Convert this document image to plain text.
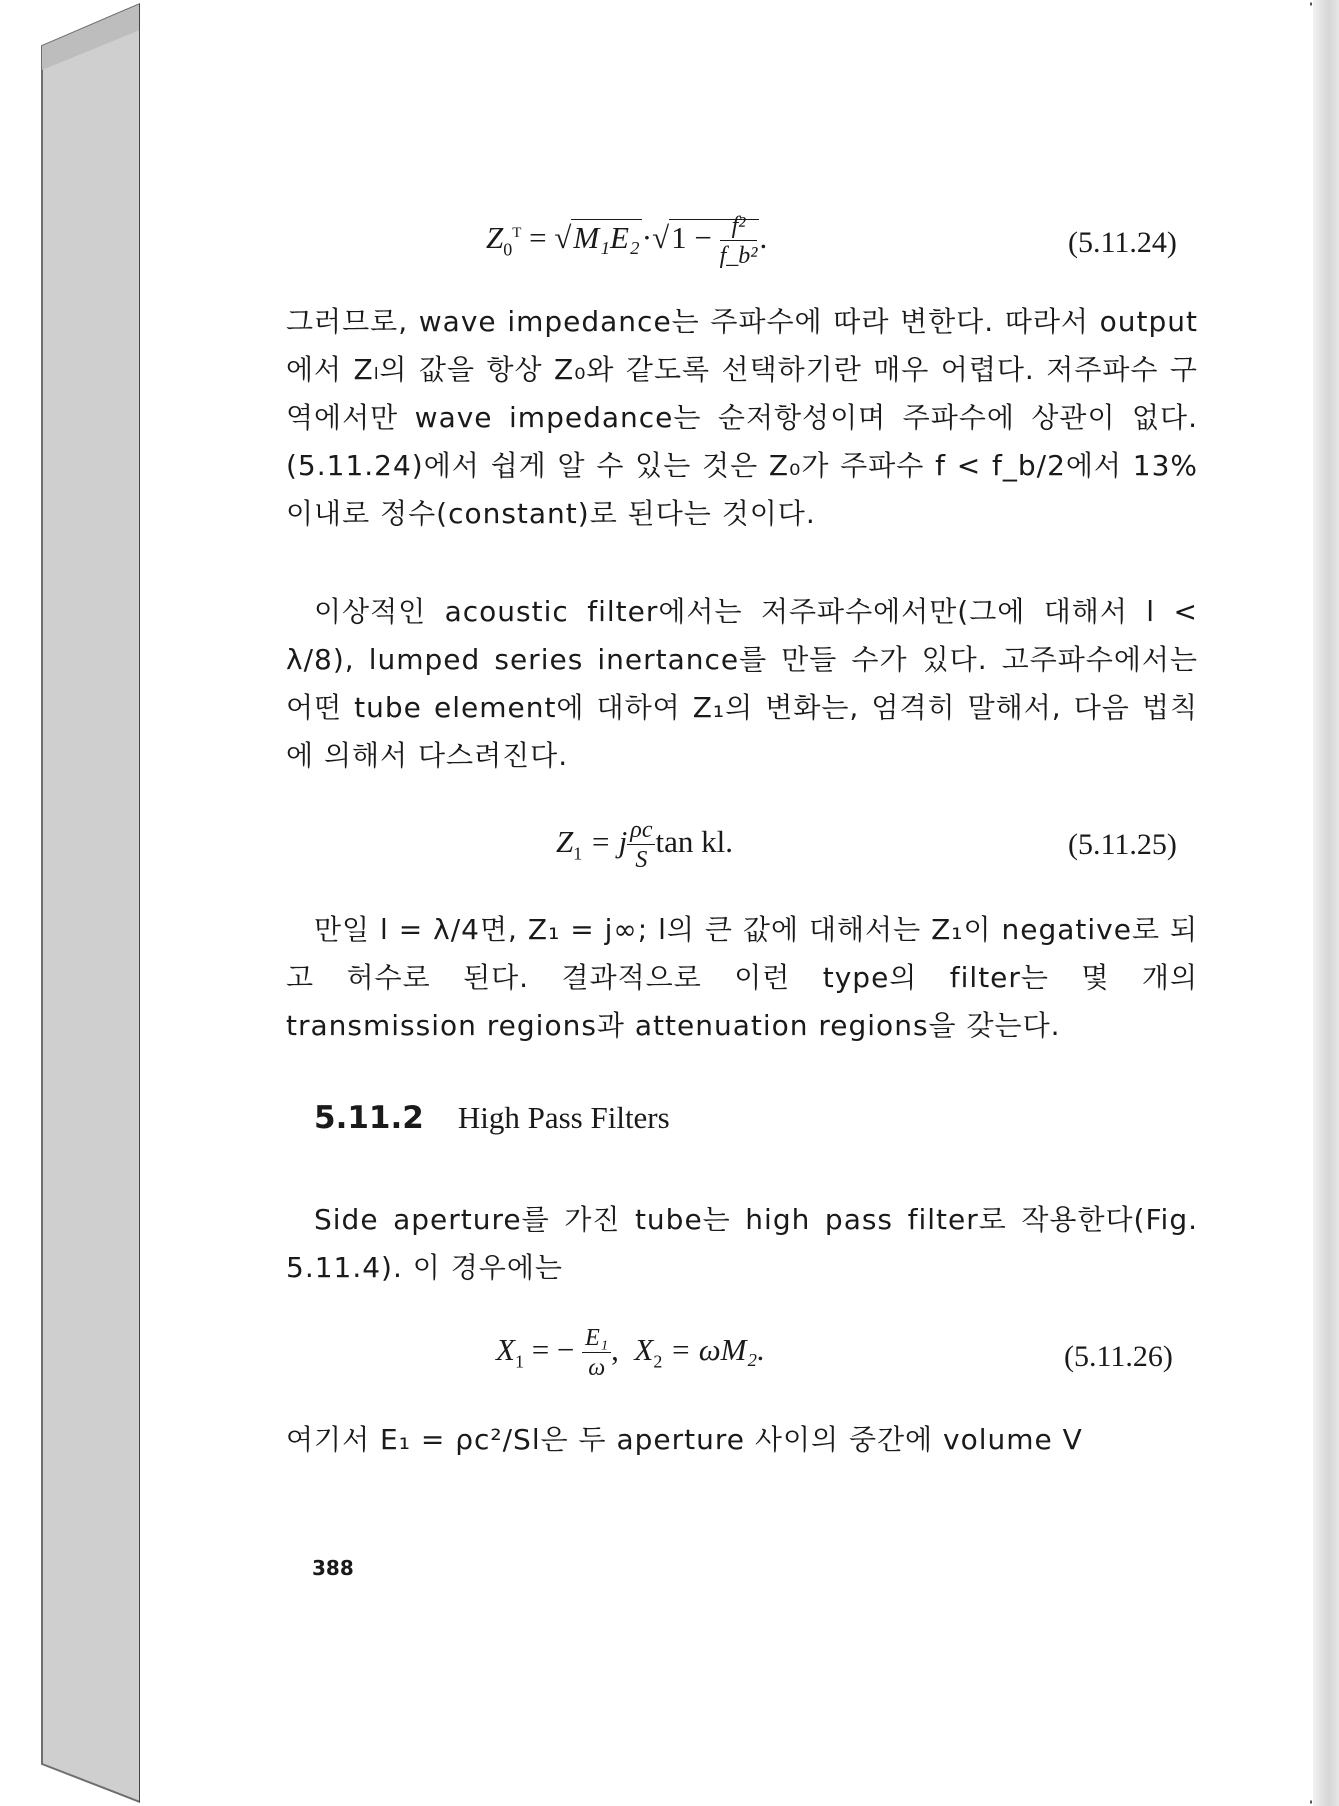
$Z_0^T = √M_1E_2\cdot√1 - \frac{\text{f²}}{\text{f\_b²}}$ .	(5.11.24)
그러므로, wave impedance는 주파수에 따라 변한다. 따라서 output에서 Zₗ의 값을 항상 Z₀와 같도록 선택하기란 매우 어렵다. 저주파수 구역에서만 wave impedance는 순저항성이며 주파수에 상관이 없다. (5.11.24)에서 쉽게 알 수 있는 것은 Z₀가 주파수 f < f_b/2에서 13% 이내로 정수(constant)로 된다는 것이다.
이상적인 acoustic filter에서는 저주파수에서만(그에 대해서 l < λ/8), lumped series inertance를 만들 수가 있다. 고주파수에서는 어떤 tube element에 대하여 Z₁의 변화는, 엄격히 말해서, 다음 법칙에 의해서 다스려진다.
$Z_1 = j \frac{\rho c}{S}$ tan kl.	(5.11.25)
만일 l = λ/4면, Z₁ = j∞; l의 큰 값에 대해서는 Z₁이 negative로 되고 허수로 된다. 결과적으로 이런 type의 filter는 몇 개의 transmission regions과 attenuation regions을 갖는다.
5.11.2 High Pass Filters
Side aperture를 가진 tube는 high pass filter로 작용한다(Fig. 5.11.4). 이 경우에는
$X_1$ = − $\frac{\text{E₁}}{\omega}$ , $X_2 = \omega M_2$.	(5.11.26)
여기서 E₁ = ρc²/Sl은 두 aperture 사이의 중간에 volume V
388
